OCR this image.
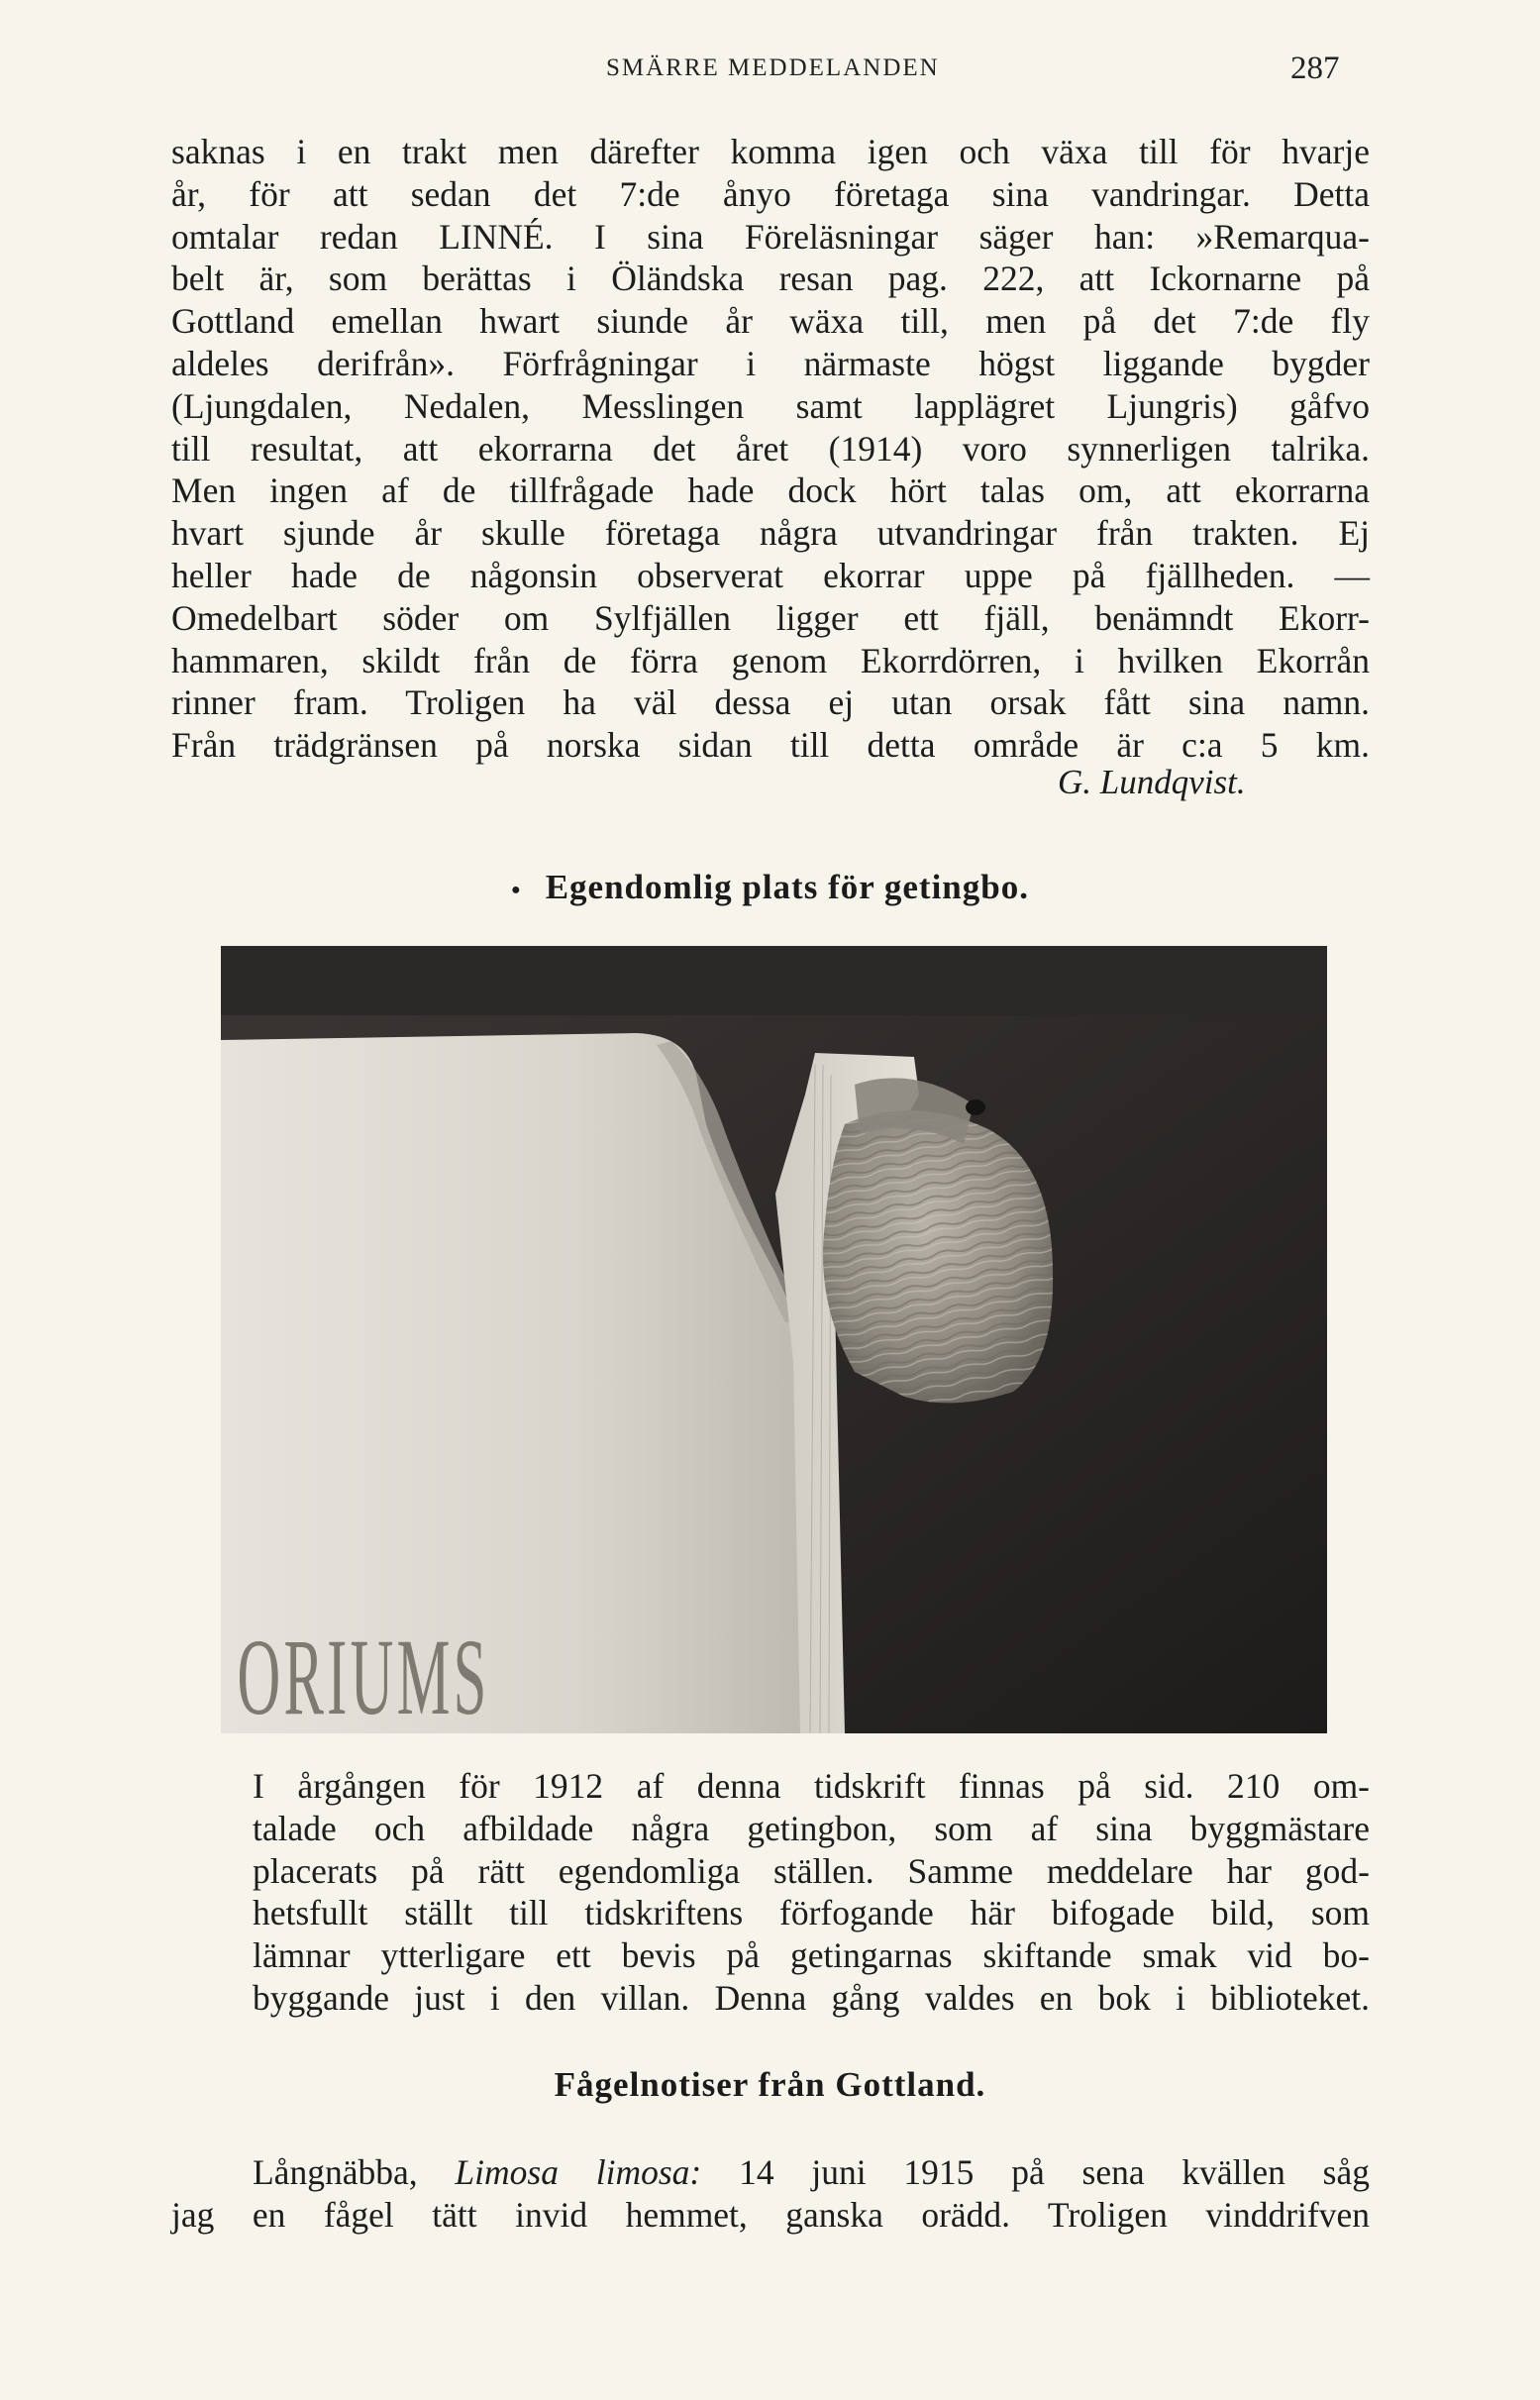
SMÄRRE MEDDELANDEN	287
saknas i en trakt men därefter komma igen och växa till för hvarje
år, för att sedan det 7:de ånyo företaga sina vandringar. Detta
omtalar redan LINNÉ. I sina Föreläsningar säger han: »Remarqua-
belt är, som berättas i Öländska resan pag. 222, att Ickornarne på
Gottland emellan hwart siunde år wäxa till, men på det 7:de fly
aldeles derifrån». Förfrågningar i närmaste högst liggande bygder
(Ljungdalen, Nedalen, Messlingen samt lapplägret Ljungris) gåfvo
till resultat, att ekorrarna det året (1914) voro synnerligen talrika.
Men ingen af de tillfrågade hade dock hört talas om, att ekorrarna
hvart sjunde år skulle företaga några utvandringar från trakten. Ej
heller hade de någonsin observerat ekorrar uppe på fjällheden. —
Omedelbart söder om Sylfjällen ligger ett fjäll, benämndt Ekorr-
hammaren, skildt från de förra genom Ekorrdörren, i hvilken Ekorrån
rinner fram. Troligen ha väl dessa ej utan orsak fått sina namn.
Från trädgränsen på norska sidan till detta område är c:a 5 km.
G. Lundqvist.
● Egendomlig plats för getingbo.
ORIUMS
I årgången för 1912 af denna tidskrift finnas på sid. 210 om-
talade och afbildade några getingbon, som af sina byggmästare
placerats på rätt egendomliga ställen. Samme meddelare har god-
hetsfullt ställt till tidskriftens förfogande här bifogade bild, som
lämnar ytterligare ett bevis på getingarnas skiftande smak vid bo-
byggande just i den villan. Denna gång valdes en bok i biblioteket.
Fågelnotiser från Gottland.
Långnäbba, Limosa limosa: 14 juni 1915 på sena kvällen såg
jag en fågel tätt invid hemmet, ganska orädd. Troligen vinddrifven
